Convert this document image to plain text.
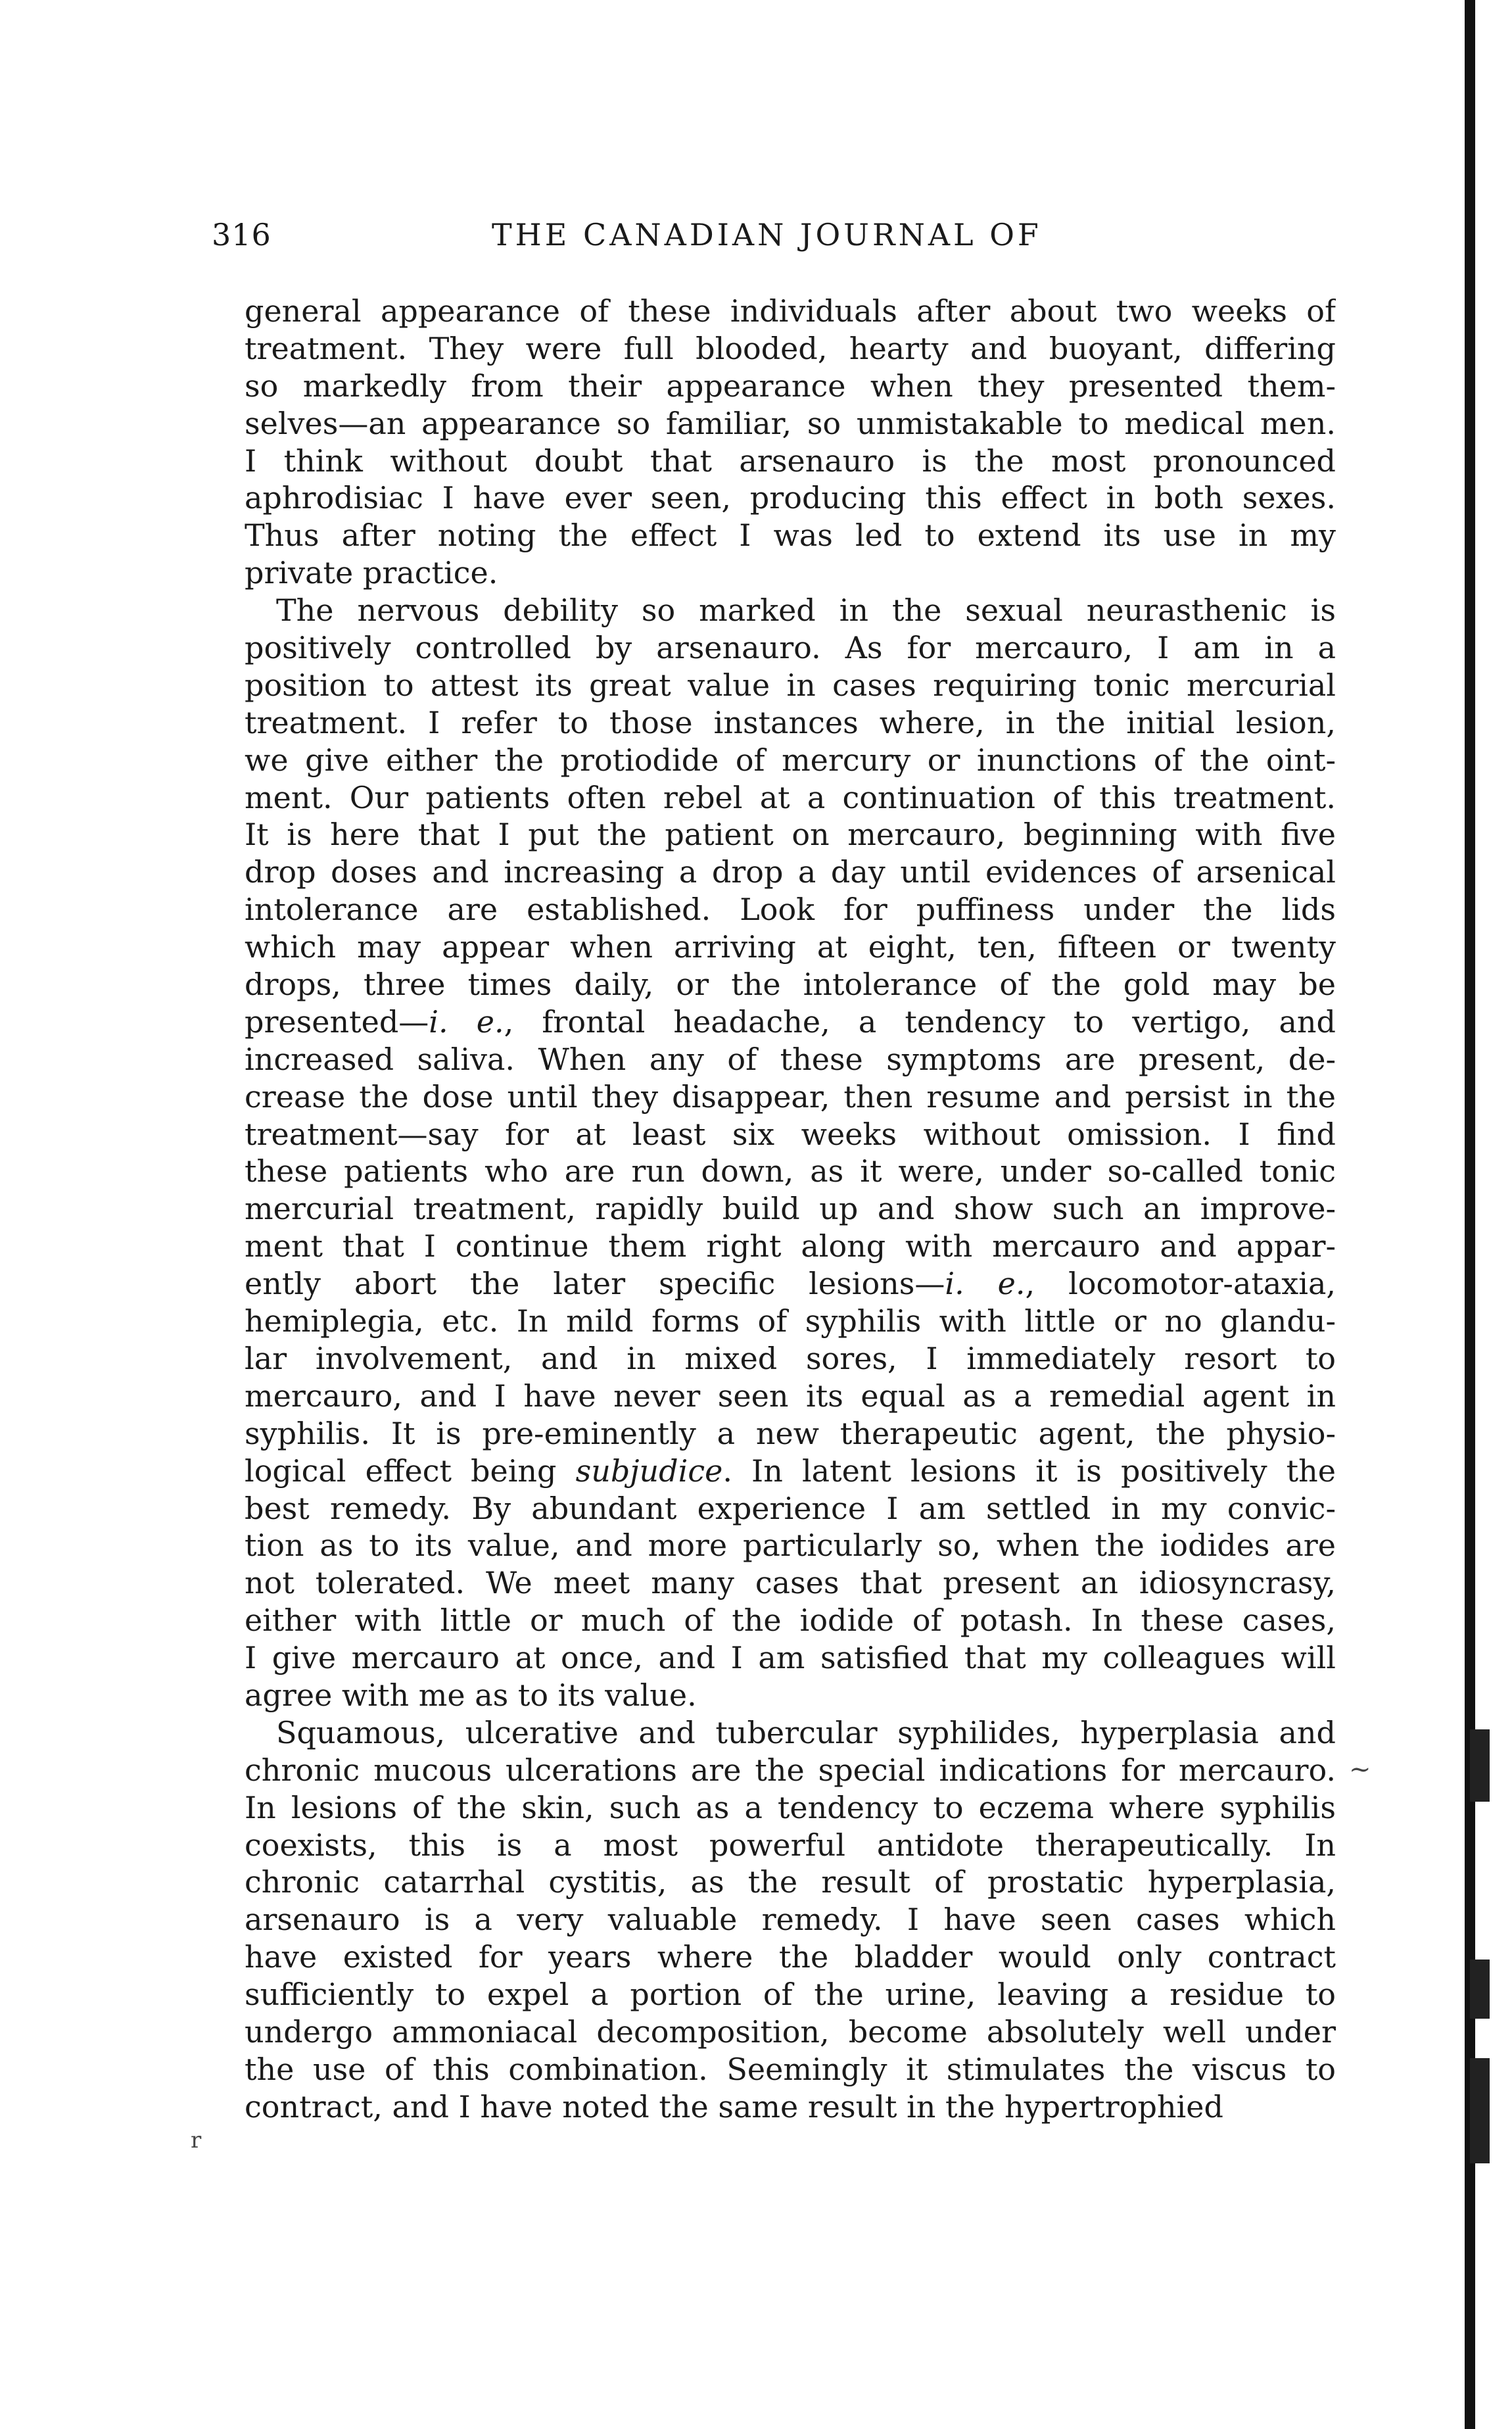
316	THE CANADIAN JOURNAL OF
general appearance of these individuals after about two weeks of
treatment. They were full blooded, hearty and buoyant, differing
so markedly from their appearance when they presented them-
selves—an appearance so familiar, so unmistakable to medical men.
I think without doubt that arsenauro is the most pronounced
aphrodisiac I have ever seen, producing this effect in both sexes.
Thus after noting the effect I was led to extend its use in my
private practice.
The nervous debility so marked in the sexual neurasthenic is
positively controlled by arsenauro. As for mercauro, I am in a
position to attest its great value in cases requiring tonic mercurial
treatment. I refer to those instances where, in the initial lesion,
we give either the protiodide of mercury or inunctions of the oint-
ment. Our patients often rebel at a continuation of this treatment.
It is here that I put the patient on mercauro, beginning with five
drop doses and increasing a drop a day until evidences of arsenical
intolerance are established. Look for puffiness under the lids
which may appear when arriving at eight, ten, fifteen or twenty
drops, three times daily, or the intolerance of the gold may be
presented—i. e., frontal headache, a tendency to vertigo, and
increased saliva. When any of these symptoms are present, de-
crease the dose until they disappear, then resume and persist in the
treatment—say for at least six weeks without omission. I find
these patients who are run down, as it were, under so-called tonic
mercurial treatment, rapidly build up and show such an improve-
ment that I continue them right along with mercauro and appar-
ently abort the later specific lesions—i. e., locomotor-ataxia,
hemiplegia, etc. In mild forms of syphilis with little or no glandu-
lar involvement, and in mixed sores, I immediately resort to
mercauro, and I have never seen its equal as a remedial agent in
syphilis. It is pre-eminently a new therapeutic agent, the physio-
logical effect being subjudice. In latent lesions it is positively the
best remedy. By abundant experience I am settled in my convic-
tion as to its value, and more particularly so, when the iodides are
not tolerated. We meet many cases that present an idiosyncrasy,
either with little or much of the iodide of potash. In these cases,
I give mercauro at once, and I am satisfied that my colleagues will
agree with me as to its value.
Squamous, ulcerative and tubercular syphilides, hyperplasia and
chronic mucous ulcerations are the special indications for mercauro.
In lesions of the skin, such as a tendency to eczema where syphilis
coexists, this is a most powerful antidote therapeutically. In
chronic catarrhal cystitis, as the result of prostatic hyperplasia,
arsenauro is a very valuable remedy. I have seen cases which
have existed for years where the bladder would only contract
sufficiently to expel a portion of the urine, leaving a residue to
undergo ammoniacal decomposition, become absolutely well under
the use of this combination. Seemingly it stimulates the viscus to
contract, and I have noted the same result in the hypertrophied
~
r
